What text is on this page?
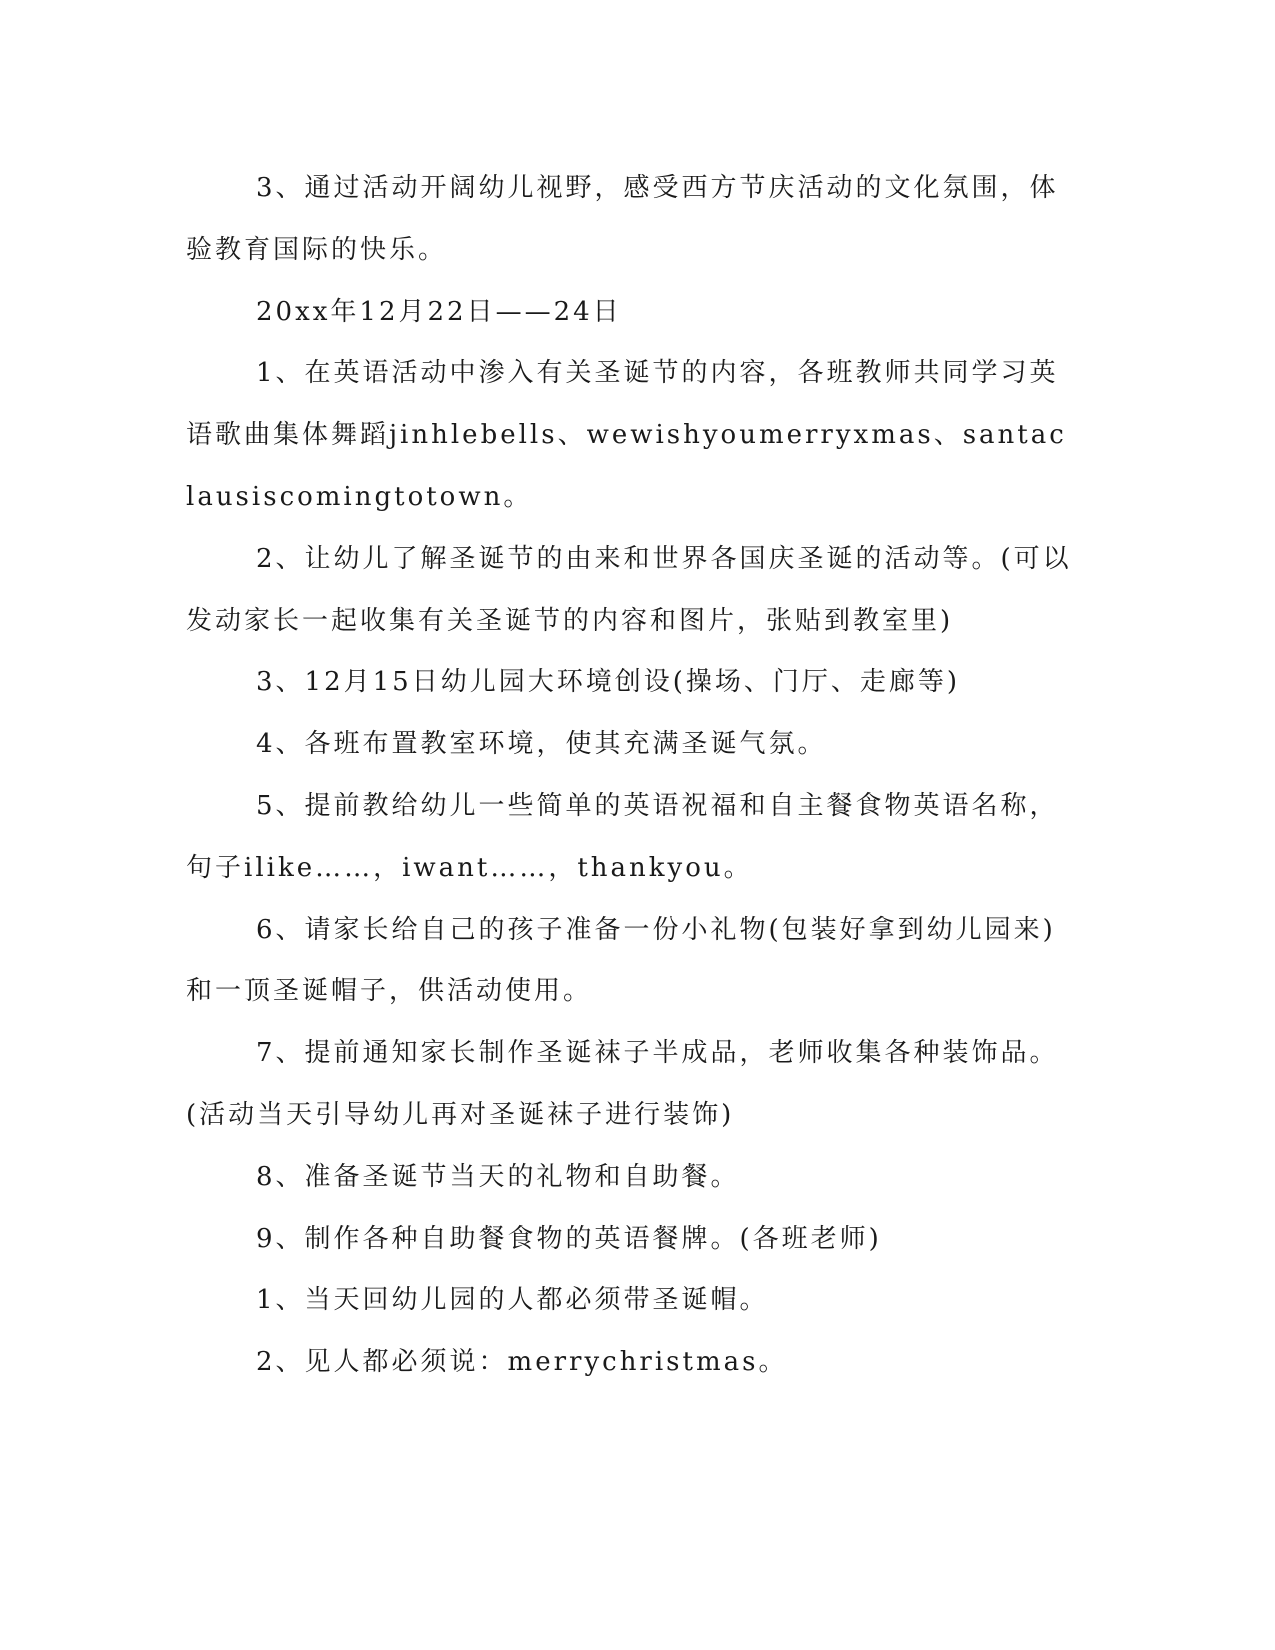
3、通过活动开阔幼儿视野，感受西方节庆活动的文化氛围，体验教育国际的快乐。

20xx年12月22日——24日

1、在英语活动中渗入有关圣诞节的内容，各班教师共同学习英语歌曲集体舞蹈jinhlebells、wewishyoumerryxmas、santaclausiscomingtotown。

2、让幼儿了解圣诞节的由来和世界各国庆圣诞的活动等。(可以发动家长一起收集有关圣诞节的内容和图片，张贴到教室里)

3、12月15日幼儿园大环境创设(操场、门厅、走廊等)

4、各班布置教室环境，使其充满圣诞气氛。

5、提前教给幼儿一些简单的英语祝福和自主餐食物英语名称，句子ilike……，iwant……，thankyou。

6、请家长给自己的孩子准备一份小礼物(包装好拿到幼儿园来)和一顶圣诞帽子，供活动使用。

7、提前通知家长制作圣诞袜子半成品，老师收集各种装饰品。(活动当天引导幼儿再对圣诞袜子进行装饰)

8、准备圣诞节当天的礼物和自助餐。

9、制作各种自助餐食物的英语餐牌。(各班老师)

1、当天回幼儿园的人都必须带圣诞帽。

2、见人都必须说：merrychristmas。
